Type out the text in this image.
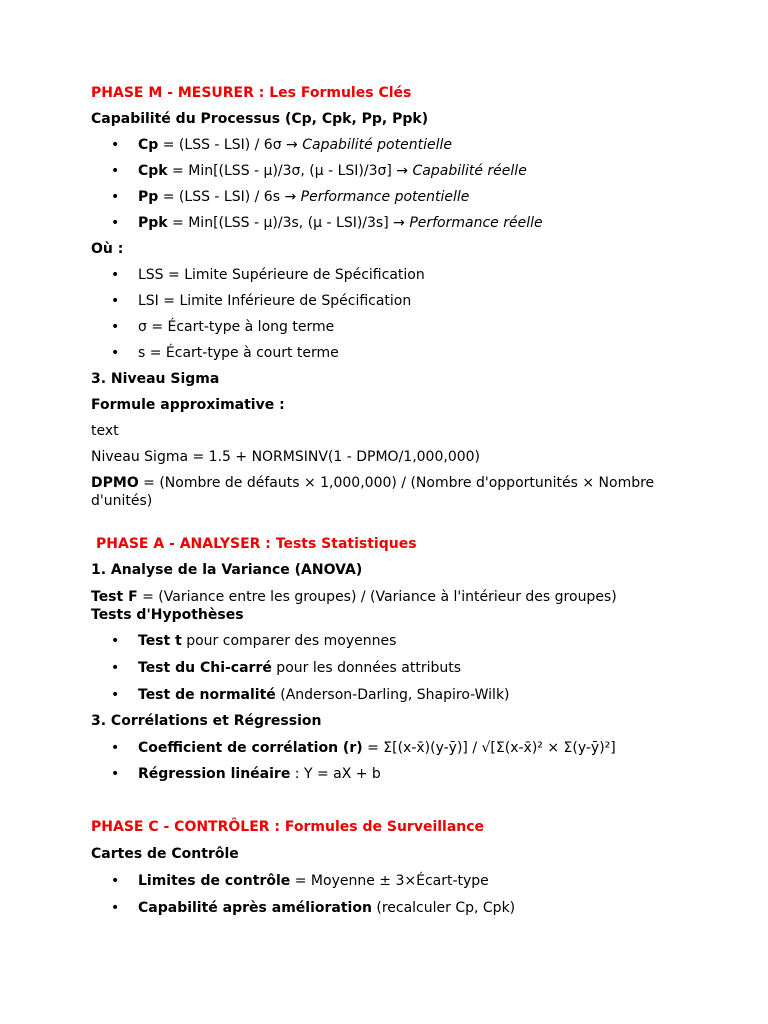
PHASE M - MESURER : Les Formules Clés

Capabilité du Processus (Cp, Cpk, Pp, Ppk)

• Cp = (LSS - LSI) / 6σ → Capabilité potentielle
• Cpk = Min[(LSS - μ)/3σ, (μ - LSI)/3σ] → Capabilité réelle
• Pp = (LSS - LSI) / 6s → Performance potentielle
• Ppk = Min[(LSS - μ)/3s, (μ - LSI)/3s] → Performance réelle

Où :

• LSS = Limite Supérieure de Spécification
• LSI = Limite Inférieure de Spécification
• σ = Écart-type à long terme
• s = Écart-type à court terme

3. Niveau Sigma

Formule approximative :

text

Niveau Sigma = 1.5 + NORMSINV(1 - DPMO/1,000,000)

DPMO = (Nombre de défauts × 1,000,000) / (Nombre d'opportunités × Nombre d'unités)

PHASE A - ANALYSER : Tests Statistiques

1. Analyse de la Variance (ANOVA)

Test F = (Variance entre les groupes) / (Variance à l'intérieur des groupes)

Tests d'Hypothèses

• Test t pour comparer des moyennes
• Test du Chi-carré pour les données attributs
• Test de normalité (Anderson-Darling, Shapiro-Wilk)

3. Corrélations et Régression

• Coefficient de corrélation (r) = Σ[(x-x̄)(y-ȳ)] / √[Σ(x-x̄)² × Σ(y-ȳ)²]
• Régression linéaire : Y = aX + b

PHASE C - CONTRÔLER : Formules de Surveillance

Cartes de Contrôle

• Limites de contrôle = Moyenne ± 3×Écart-type
• Capabilité après amélioration (recalculer Cp, Cpk)
